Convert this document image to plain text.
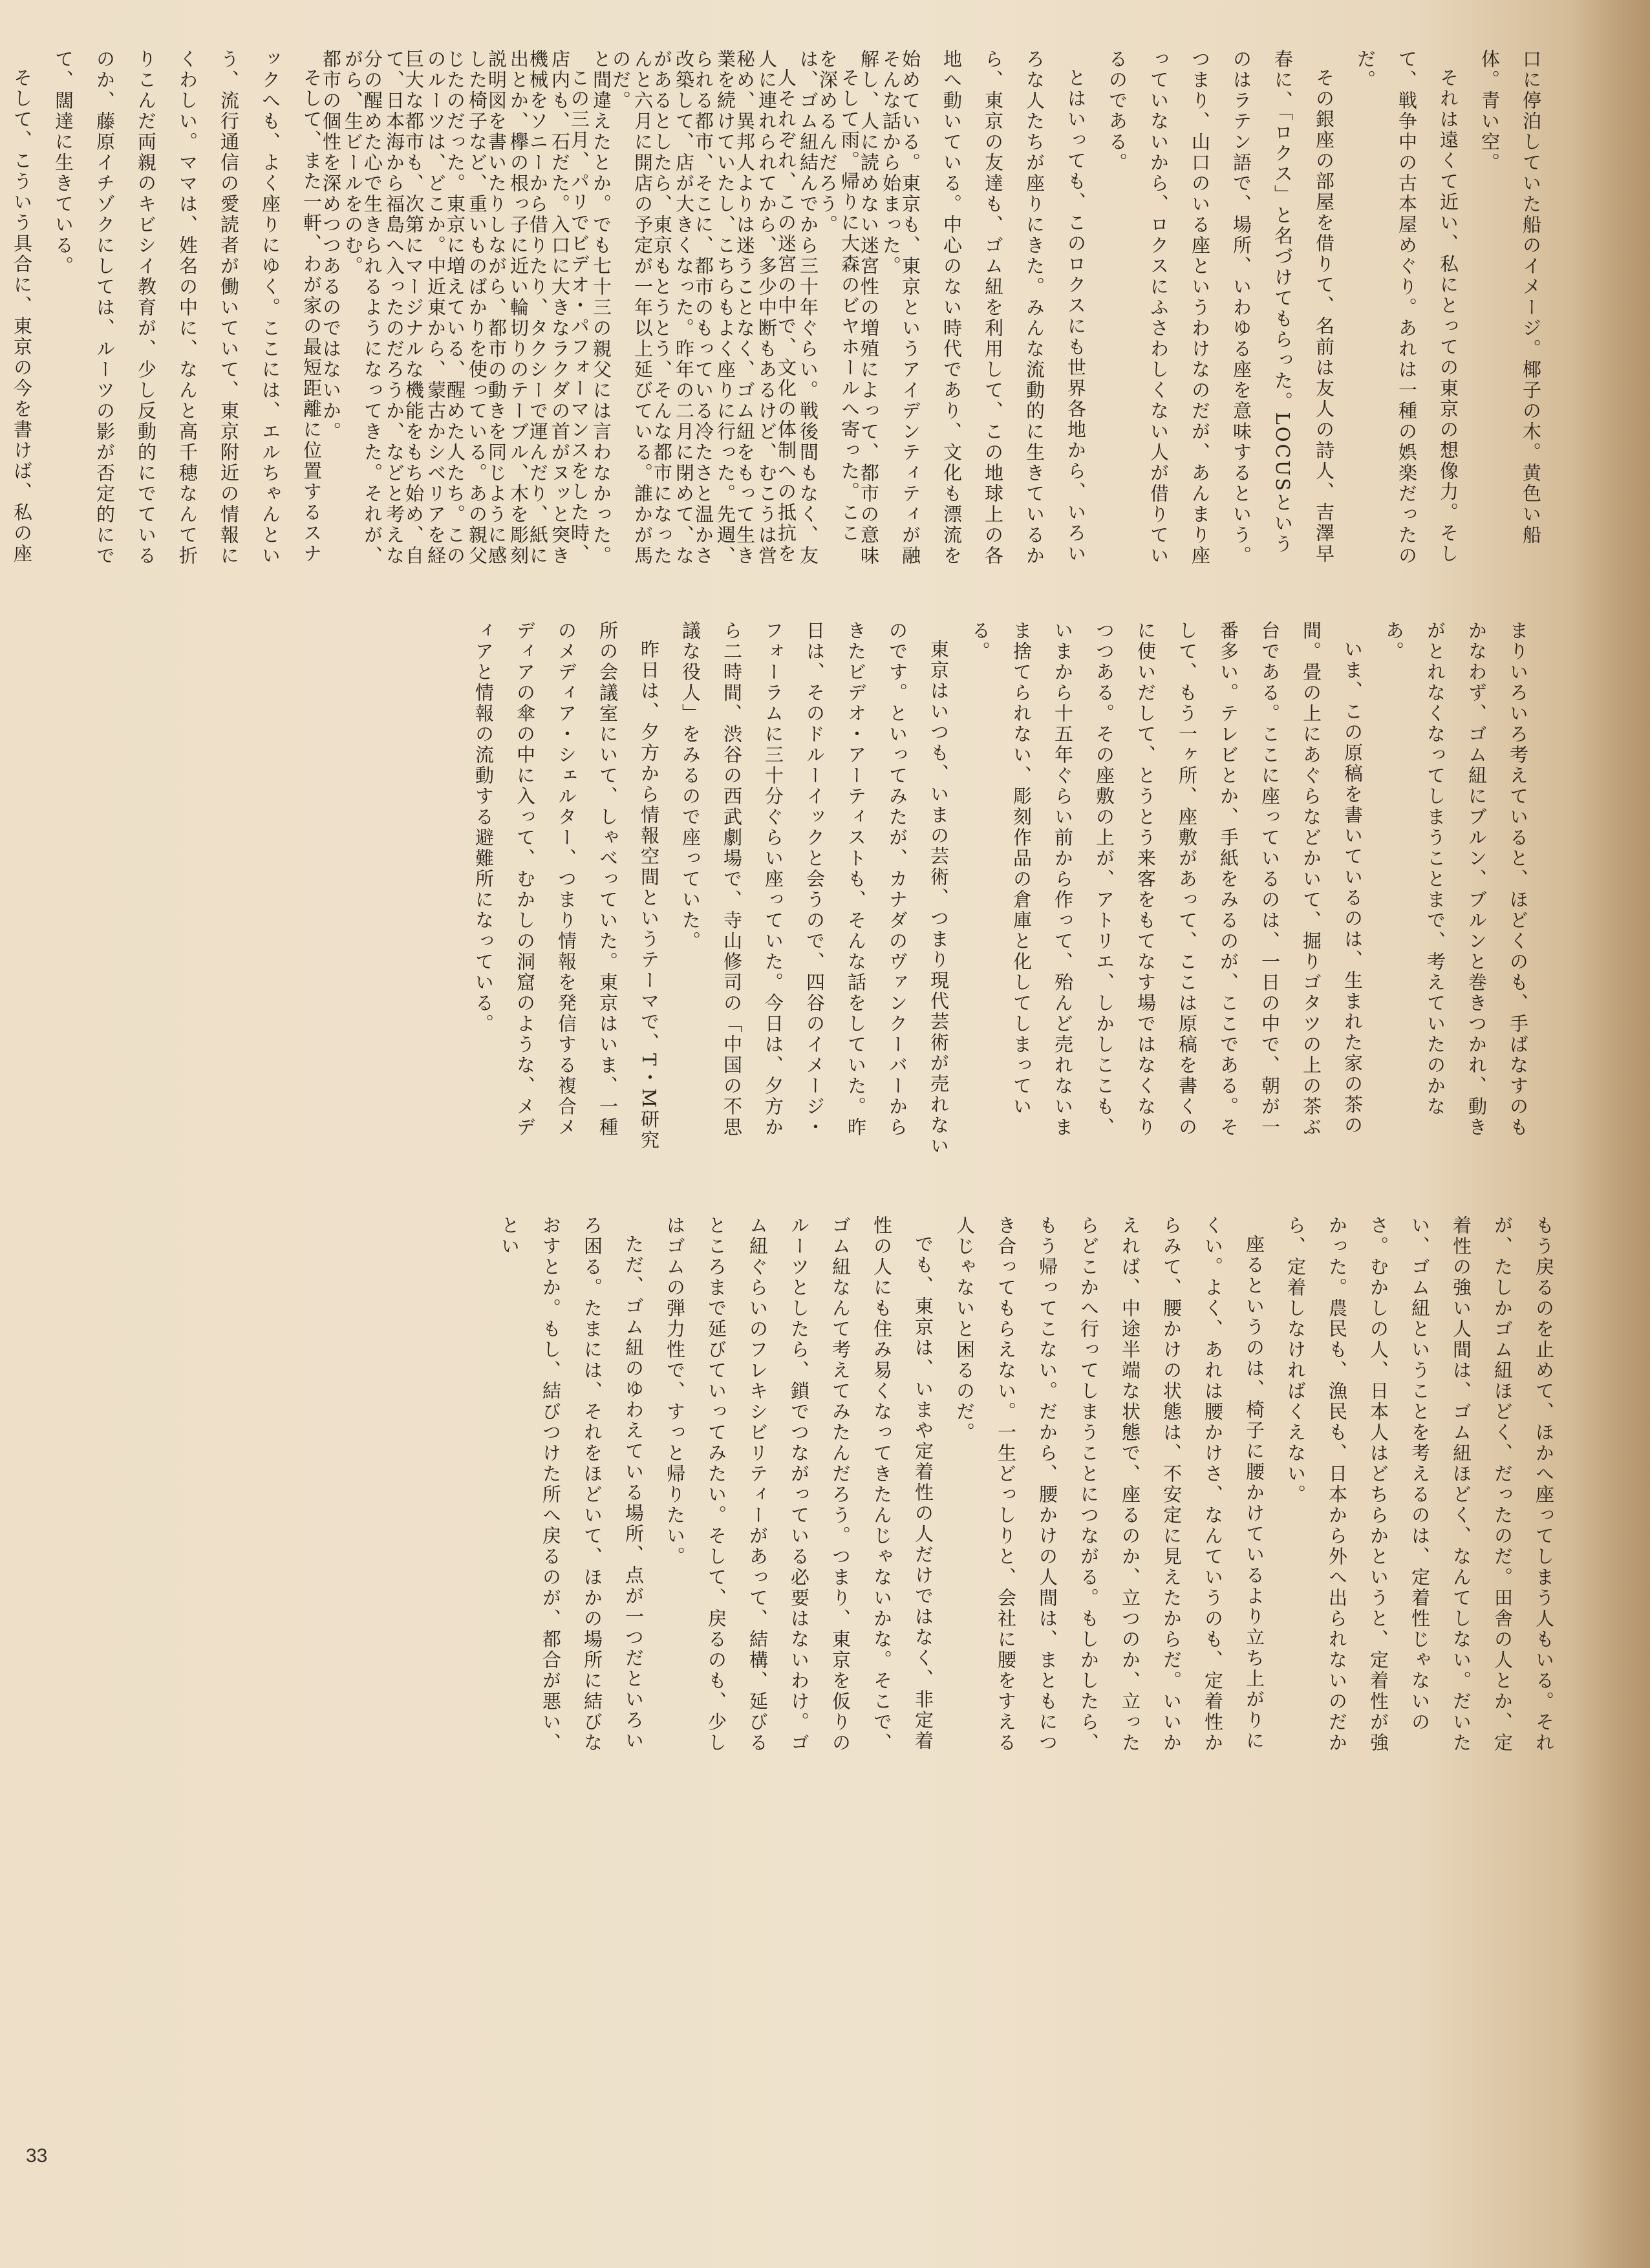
口に停泊していた船のイメージ。椰子の木。黄色い船体。青い空。

それは遠くて近い、私にとっての東京の想像力。そして、戦争中の古本屋めぐり。あれは一種の娯楽だったのだ。

その銀座の部屋を借りて、名前は友人の詩人、吉澤早春に、「ロクス」と名づけてもらった。LOCUSというのはラテン語で、場所、いわゆる座を意味するという。つまり、山口のいる座というわけなのだが、あんまり座っていないから、ロクスにふさわしくない人が借りているのである。

とはいっても、このロクスにも世界各地から、いろいろな人たちが座りにきた。みんな流動的に生きているから、東京の友達も、ゴム紐を利用して、この地球上の各地へ動いている。中心のない時代であり、文化も漂流を始めている。東京も、東京というアイデンティティが融解し、人に読めない迷宮性の増殖によって、都市の意味を深めるんだろう。

人それぞれ、この迷宮の中で、文化の体制への抵抗を秘め、異邦人よりは迷うことなく、ゴム紐をもって生きられる都市、そこに、都市のもっている冷たさと温かさがあるとしたら、東京もとうとう、そんな都市になったのだ。

この三月、パリでビデオ・パフォーマンスをした時、機械をソニーから借りたり、タクシーで運んだり、紙に説明図を書いたりしながら、都市の動きを同じように感じたのだった。東京に増えている、醒めた人たち。この巨大な都市も、次第にマージナルな機能をもち始め、自分の醒めた心で生きられるようになってきた。それが、都市の個性を深めつつあるのではないか。	そんな話から始まった。

そして雨。帰りに大森のビヤホールへ寄った。ここは、ゴム紐結んでから三十年ぐらい。戦後間もなく、友人に連れられてから、多少中断もあるけど、むこうは営業を続けていたし、こちらもよく座りに行った。先週、改築して、店が大きくなった。昨年の二月に閉めて、なんと六月に開店の予定が一年以上延びている。誰かが馬と間違えたとか。でも七十三の親父には言わなかった。店内も、石だた。入口に大きなラクダの首がヌッと突き出とか、欅の根っ子に近い輪切りのテーブル、木を彫刻した椅子など、重いものばかりを使っている。あの親父のルーツは、どこか。中近東から、蒙古かシベリアを経て、日本海から福島へ入ったのだろうか、などと考えながら、生ビールをのむ。

そして、また一軒、わが家の最短距離に位置するスナックへも、よく座りにゆく。ここには、エルちゃんという、流行通信の愛読者が働いていて、東京附近の情報にくわしい。ママは、姓名の中に、なんと高千穂なんて折りこんだ両親のキビシイ教育が、少し反動的にでているのか、藤原イチゾクにしては、ルーツの影が否定的にでて、闊達に生きている。

そして、こういう具合に、東京の今を書けば、私の座

まりいろいろ考えていると、ほどくのも、手ばなすのもかなわず、ゴム紐にブルン、ブルンと巻きつかれ、動きがとれなくなってしまうことまで、考えていたのかなあ。

いま、この原稿を書いているのは、生まれた家の茶の間。畳の上にあぐらなどかいて、掘りゴタツの上の茶ぶ台である。ここに座っているのは、一日の中で、朝が一番多い。テレビとか、手紙をみるのが、ここである。そして、もう一ヶ所、座敷があって、ここは原稿を書くのに使いだして、とうとう来客をもてなす場ではなくなりつつある。その座敷の上が、アトリエ、しかしここも、いまから十五年ぐらい前から作って、殆んど売れないまま捨てられない、彫刻作品の倉庫と化してしまっている。

東京はいつも、いまの芸術、つまり現代芸術が売れないのです。といってみたが、カナダのヴァンクーバーからきたビデオ・アーティストも、そんな話をしていた。昨日は、そのドルーイックと会うので、四谷のイメージ・フォーラムに三十分ぐらい座っていた。今日は、夕方から二時間、渋谷の西武劇場で、寺山修司の「中国の不思議な役人」をみるので座っていた。

昨日は、夕方から情報空間というテーマで、T・M研究所の会議室にいて、しゃべっていた。東京はいま、一種のメディア・シェルター、つまり情報を発信する複合メディアの傘の中に入って、むかしの洞窟のような、メディアと情報の流動する避難所になっている。

もう戻るのを止めて、ほかへ座ってしまう人もいる。それが、たしかゴム紐ほどく、だったのだ。田舎の人とか、定着性の強い人間は、ゴム紐ほどく、なんてしない。だいたい、ゴム紐ということを考えるのは、定着性じゃないのさ。むかしの人、日本人はどちらかというと、定着性が強かった。農民も、漁民も、日本から外へ出られないのだから、定着しなければくえない。

座るというのは、椅子に腰かけているより立ち上がりにくい。よく、あれは腰かけさ、なんていうのも、定着性からみて、腰かけの状態は、不安定に見えたからだ。いいかえれば、中途半端な状態で、座るのか、立つのか、立ったらどこかへ行ってしまうことにつながる。もしかしたら、もう帰ってこない。だから、腰かけの人間は、まともにつき合ってもらえない。一生どっしりと、会社に腰をすえる人じゃないと困るのだ。

でも、東京は、いまや定着性の人だけではなく、非定着性の人にも住み易くなってきたんじゃないかな。そこで、ゴム紐なんて考えてみたんだろう。つまり、東京を仮りのルーツとしたら、鎖でつながっている必要はないわけ。ゴム紐ぐらいのフレキシビリティーがあって、結構、延びるところまで延びていってみたい。そして、戻るのも、少しはゴムの弾力性で、すっと帰りたい。

ただ、ゴム紐のゆわえている場所、点が一つだといろいろ困る。たまには、それをほどいて、ほかの場所に結びなおすとか。もし、結びつけた所へ戻るのが、都合が悪い、とい

33
